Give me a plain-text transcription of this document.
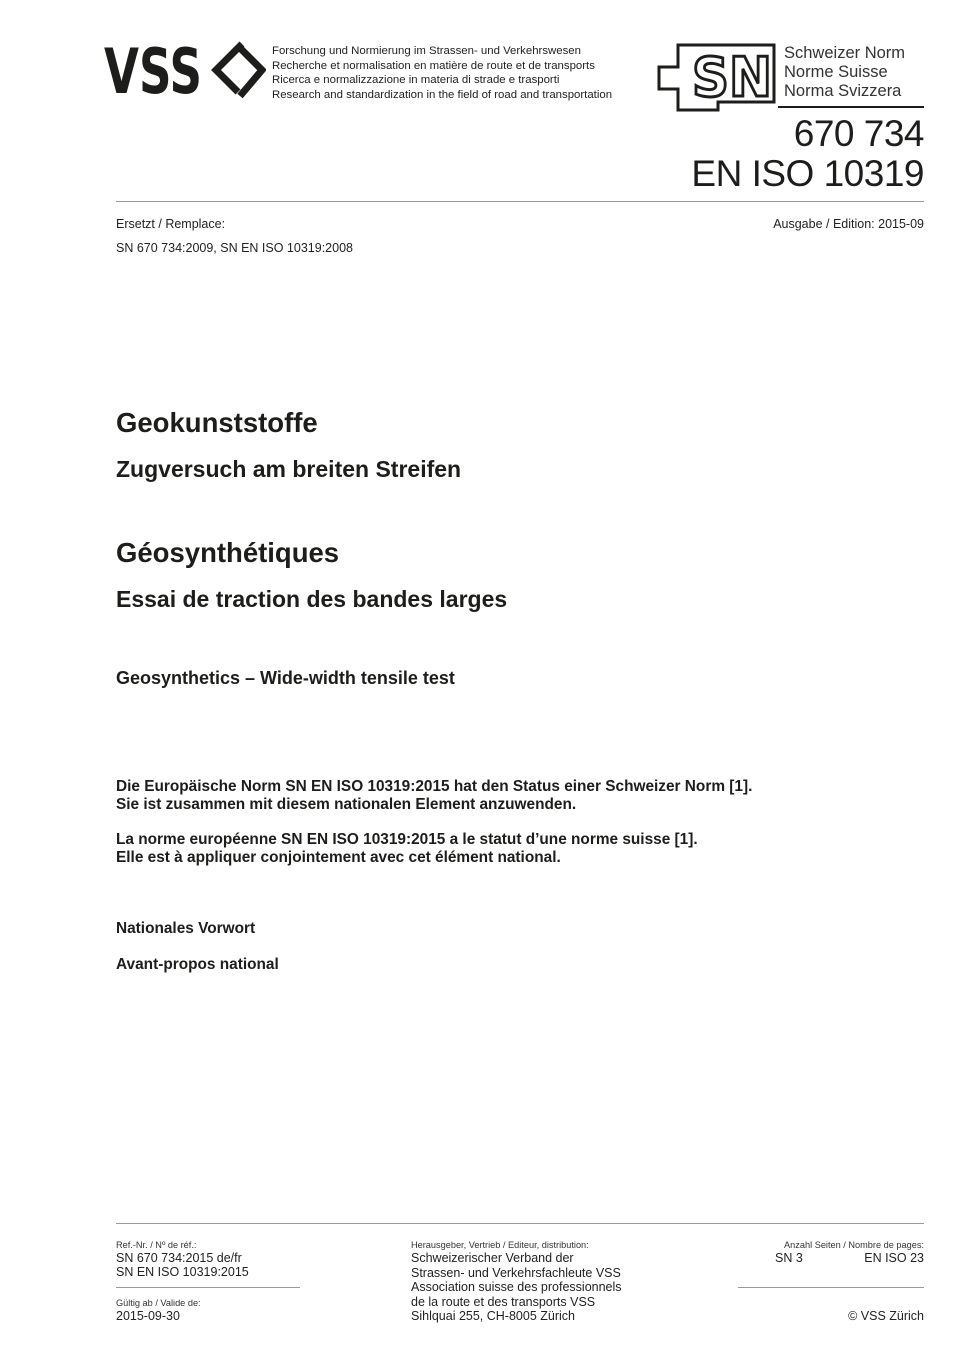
VSS	Forschung und Normierung im Strassen- und Verkehrswesen
Recherche et normalisation en matière de route et de transports
Ricerca e normalizzazione in materia di strade e trasporti
Research and standardization in the field of road and transportation SN Schweizer Norm
Norme Suisse
Norma Svizzera
670 734
EN ISO 10319
Ersetzt / Remplace:
SN 670 734:2009, SN EN ISO 10319:2008
Ausgabe / Edition: 2015-09
Geokunststoffe
Zugversuch am breiten Streifen
Géosynthétiques
Essai de traction des bandes larges
Geosynthetics – Wide-width tensile test
Die Europäische Norm SN EN ISO 10319:2015 hat den Status einer Schweizer Norm [1].
Sie ist zusammen mit diesem nationalen Element anzuwenden.
La norme européenne SN EN ISO 10319:2015 a le statut d’une norme suisse [1].
Elle est à appliquer conjointement avec cet élément national.
Nationales Vorwort
Avant-propos national
Ref.-Nr. / Nº de réf.:
SN 670 734:2015 de/fr
SN EN ISO 10319:2015
Gültig ab / Valide de:
2015-09-30
Herausgeber, Vertrieb / Editeur, distribution:
Schweizerischer Verband der
Strassen- und Verkehrsfachleute VSS
Association suisse des professionnels
de la route et des transports VSS
Sihlquai 255, CH-8005 Zürich
Anzahl Seiten / Nombre de pages:
SN 3	EN ISO 23
© VSS Zürich
